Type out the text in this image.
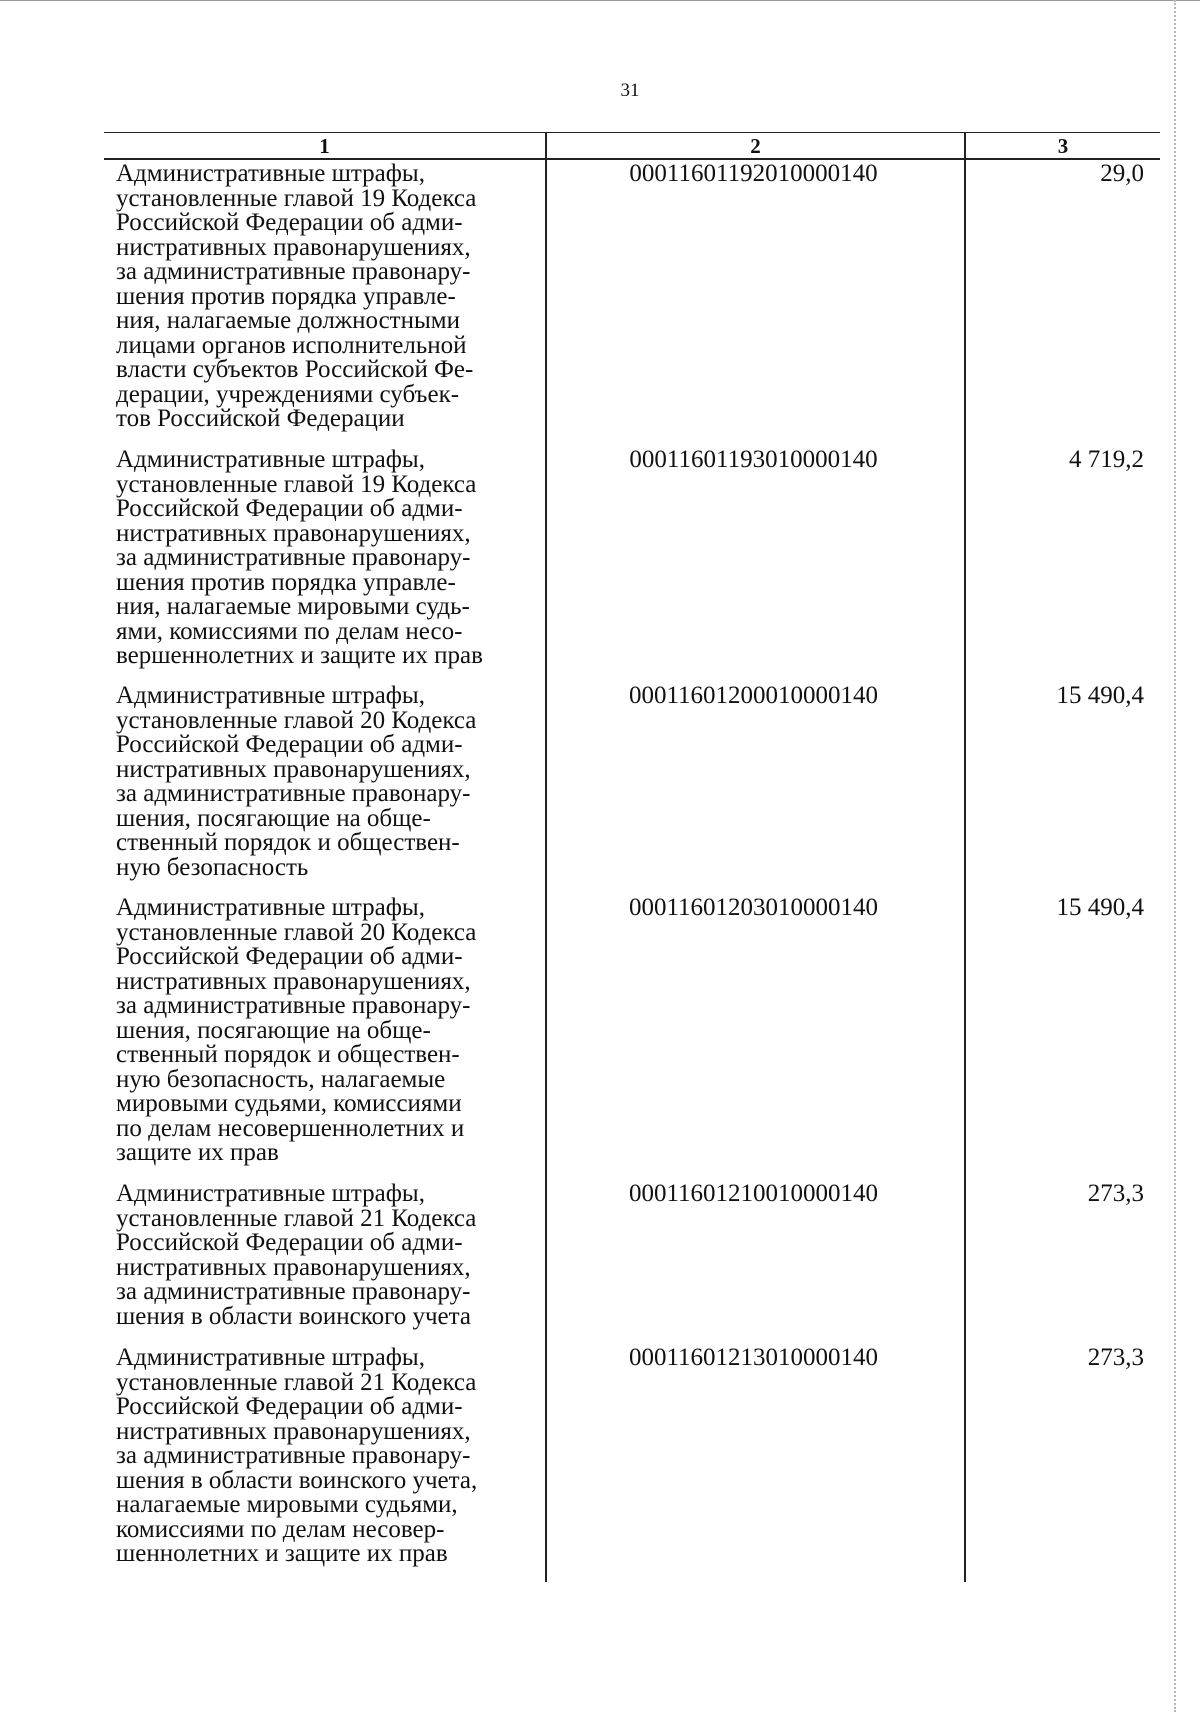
31
1	2	3
Административные штрафы,
установленные главой 19 Кодекса
Российской Федерации об адми-
нистративных правонарушениях,
за административные правонару-
шения против порядка управле-
ния, налагаемые должностными
лицами органов исполнительной
власти субъектов Российской Фе-
дерации, учреждениями субъек-
тов Российской Федерации
00011601192010000140	29,0
Административные штрафы,
установленные главой 19 Кодекса
Российской Федерации об адми-
нистративных правонарушениях,
за административные правонару-
шения против порядка управле-
ния, налагаемые мировыми судь-
ями, комиссиями по делам несо-
вершеннолетних и защите их прав
00011601193010000140	4 719,2
Административные штрафы,
установленные главой 20 Кодекса
Российской Федерации об адми-
нистративных правонарушениях,
за административные правонару-
шения, посягающие на обще-
ственный порядок и обществен-
ную безопасность
00011601200010000140	15 490,4
Административные штрафы,
установленные главой 20 Кодекса
Российской Федерации об адми-
нистративных правонарушениях,
за административные правонару-
шения, посягающие на обще-
ственный порядок и обществен-
ную безопасность, налагаемые
мировыми судьями, комиссиями
по делам несовершеннолетних и
защите их прав
00011601203010000140	15 490,4
Административные штрафы,
установленные главой 21 Кодекса
Российской Федерации об адми-
нистративных правонарушениях,
за административные правонару-
шения в области воинского учета
00011601210010000140	273,3
Административные штрафы,
установленные главой 21 Кодекса
Российской Федерации об адми-
нистративных правонарушениях,
за административные правонару-
шения в области воинского учета,
налагаемые мировыми судьями,
комиссиями по делам несовер-
шеннолетних и защите их прав
00011601213010000140	273,3
